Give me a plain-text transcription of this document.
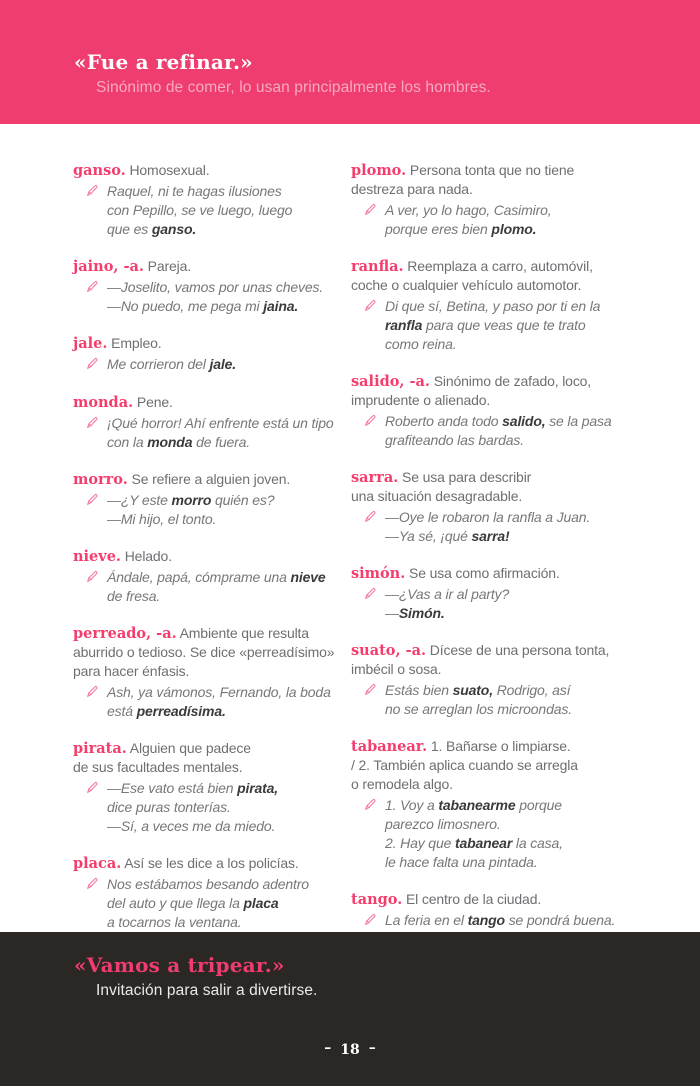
«Fue a refinar.»

Sinónimo de comer, lo usan principalmente los hombres.

ganso. Homosexual.

Raquel, ni te hagas ilusiones

con Pepillo, se ve luego, luego

que es ganso.

jaino, -a. Pareja.

—Joselito, vamos por unas cheves.

—No puedo, me pega mi jaina.

jale. Empleo.

Me corrieron del jale.

monda. Pene.

¡Qué horror! Ahí enfrente está un tipo

con la monda de fuera.

morro. Se refiere a alguien joven.

—¿Y este morro quién es?

—Mi hijo, el tonto.

nieve. Helado.

Ándale, papá, cómprame una nieve

de fresa.

perreado, -a. Ambiente que resulta

aburrido o tedioso. Se dice «perreadísimo»

para hacer énfasis.

Ash, ya vámonos, Fernando, la boda

está perreadísima.

pirata. Alguien que padece

de sus facultades mentales.

—Ese vato está bien pirata,

dice puras tonterías.

—Sí, a veces me da miedo.

placa. Así se les dice a los policías.

Nos estábamos besando adentro

del auto y que llega la placa

a tocarnos la ventana.

plomo. Persona tonta que no tiene

destreza para nada.

A ver, yo lo hago, Casimiro,

porque eres bien plomo.

ranfla. Reemplaza a carro, automóvil,

coche o cualquier vehículo automotor.

Di que sí, Betina, y paso por ti en la

ranfla para que veas que te trato

como reina.

salido, -a. Sinónimo de zafado, loco,

imprudente o alienado.

Roberto anda todo salido, se la pasa

grafiteando las bardas.

sarra. Se usa para describir

una situación desagradable.

—Oye le robaron la ranfla a Juan.

—Ya sé, ¡qué sarra!

simón. Se usa como afirmación.

—¿Vas a ir al party?

—Simón.

suato, -a. Dícese de una persona tonta,

imbécil o sosa.

Estás bien suato, Rodrigo, así

no se arreglan los microondas.

tabanear. 1. Bañarse o limpiarse.

/ 2. También aplica cuando se arregla

o remodela algo.

1. Voy a tabanearme porque

parezco limosnero.

2. Hay que tabanear la casa,

le hace falta una pintada.

tango. El centro de la ciudad.

La feria en el tango se pondrá buena.

«Vamos a tripear.»

Invitación para salir a divertirse.

– 18 –
